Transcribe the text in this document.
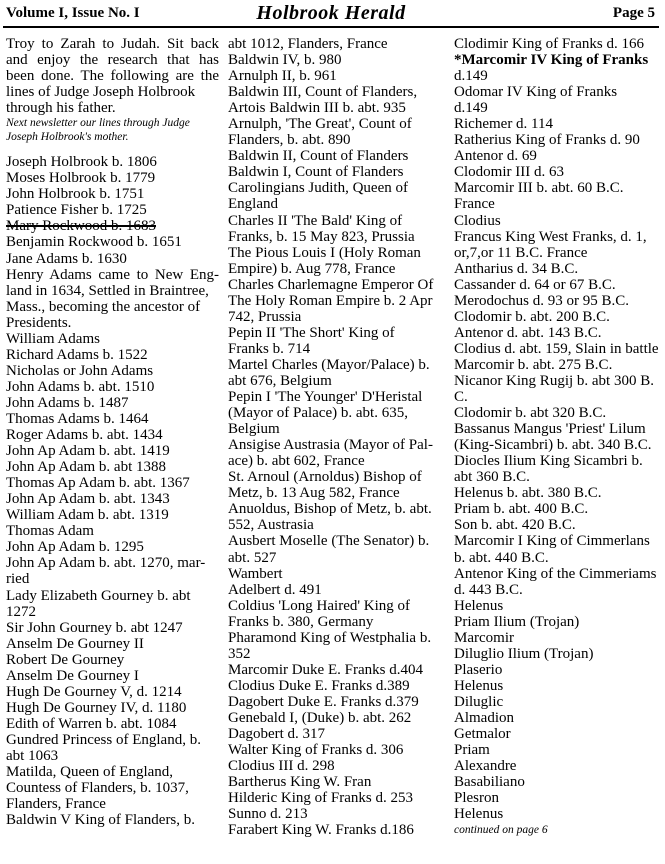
Volume I, Issue No. I	Holbrook Herald	Page 5
Troy to Zarah to Judah. Sit back
and enjoy the research that has
been done. The following are the
lines of Judge Joseph Holbrook
through his father.
Next newsletter our lines through Judge
Joseph Holbrook's mother.
Joseph Holbrook b. 1806
Moses Holbrook b. 1779
John Holbrook b. 1751
Patience Fisher b. 1725
Mary Rockwood b. 1683
Benjamin Rockwood b. 1651
Jane Adams b. 1630
Henry Adams came to New Eng-
land in 1634, Settled in Braintree,
Mass., becoming the ancestor of
Presidents.
William Adams
Richard Adams b. 1522
Nicholas or John Adams
John Adams b. abt. 1510
John Adams b. 1487
Thomas Adams b. 1464
Roger Adams b. abt. 1434
John Ap Adam b. abt. 1419
John Ap Adam b. abt 1388
Thomas Ap Adam b. abt. 1367
John Ap Adam b. abt. 1343
William Adam b. abt. 1319
Thomas Adam
John Ap Adam b. 1295
John Ap Adam b. abt. 1270, mar-
ried
Lady Elizabeth Gourney b. abt
1272
Sir John Gourney b. abt 1247
Anselm De Gourney II
Robert De Gourney
Anselm De Gourney I
Hugh De Gourney V, d. 1214
Hugh De Gourney IV, d. 1180
Edith of Warren b. abt. 1084
Gundred Princess of England, b.
abt 1063
Matilda, Queen of England,
Countess of Flanders, b. 1037,
Flanders, France
Baldwin V King of Flanders, b.
abt 1012, Flanders, France
Baldwin IV, b. 980
Arnulph II, b. 961
Baldwin III, Count of Flanders,
Artois Baldwin III b. abt. 935
Arnulph, 'The Great', Count of
Flanders, b. abt. 890
Baldwin II, Count of Flanders
Baldwin I, Count of Flanders
Carolingians Judith, Queen of
England
Charles II 'The Bald' King of
Franks, b. 15 May 823, Prussia
The Pious Louis I (Holy Roman
Empire) b. Aug 778, France
Charles Charlemagne Emperor Of
The Holy Roman Empire b. 2 Apr
742, Prussia
Pepin II 'The Short' King of
Franks b. 714
Martel Charles (Mayor/Palace) b.
abt 676, Belgium
Pepin I 'The Younger' D'Heristal
(Mayor of Palace) b. abt. 635,
Belgium
Ansigise Austrasia (Mayor of Pal-
ace) b. abt 602, France
St. Arnoul (Arnoldus) Bishop of
Metz, b. 13 Aug 582, France
Anuoldus, Bishop of Metz, b. abt.
552, Austrasia
Ausbert Moselle (The Senator) b.
abt. 527
Wambert
Adelbert d. 491
Coldius 'Long Haired' King of
Franks b. 380, Germany
Pharamond King of Westphalia b.
352
Marcomir Duke E. Franks d.404
Clodius Duke E. Franks d.389
Dagobert Duke E. Franks d.379
Genebald I, (Duke) b. abt. 262
Dagobert d. 317
Walter King of Franks d. 306
Clodius III d. 298
Bartherus King W. Fran
Hilderic King of Franks d. 253
Sunno d. 213
Farabert King W. Franks d.186
Clodimir King of Franks d. 166
*Marcomir IV King of Franks
d.149
Odomar IV King of Franks
d.149
Richemer d. 114
Ratherius King of Franks d. 90
Antenor d. 69
Clodomir III d. 63
Marcomir III b. abt. 60 B.C.
France
Clodius
Francus King West Franks, d. 1,
or,7,or 11 B.C. France
Antharius d. 34 B.C.
Cassander d. 64 or 67 B.C.
Merodochus d. 93 or 95 B.C.
Clodomir b. abt. 200 B.C.
Antenor d. abt. 143 B.C.
Clodius d. abt. 159, Slain in battle
Marcomir b. abt. 275 B.C.
Nicanor King Rugij b. abt 300 B.
C.
Clodomir b. abt 320 B.C.
Bassanus Mangus 'Priest' Lilum
(King-Sicambri) b. abt. 340 B.C.
Diocles Ilium King Sicambri b.
abt 360 B.C.
Helenus b. abt. 380 B.C.
Priam b. abt. 400 B.C.
Son b. abt. 420 B.C.
Marcomir I King of Cimmerlans
b. abt. 440 B.C.
Antenor King of the Cimmeriams
d. 443 B.C.
Helenus
Priam Ilium (Trojan)
Marcomir
Diluglio Ilium (Trojan)
Plaserio
Helenus
Diluglic
Almadion
Getmalor
Priam
Alexandre
Basabiliano
Plesron
Helenus
continued on page 6
